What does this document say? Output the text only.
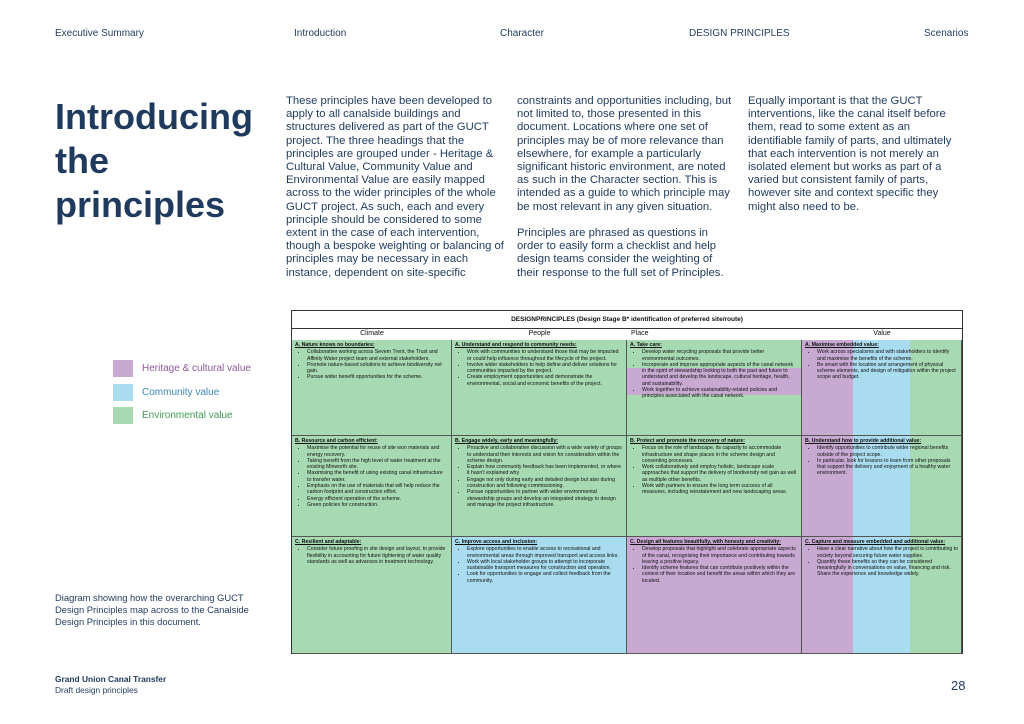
Executive Summary	Introduction	Character	DESIGN PRINCIPLES	Scenarios
Introducing
the
principles
These principles have been developed to apply to all canalside buildings and structures delivered as part of the GUCT project. The three headings that the principles are grouped under - Heritage & Cultural Value, Community Value and Environmental Value are easily mapped across to the wider principles of the whole GUCT project. As such, each and every principle should be considered to some extent in the case of each intervention, though a bespoke weighting or balancing of principles may be necessary in each instance, dependent on site-specific
constraints and opportunities including, but not limited to, those presented in this document. Locations where one set of principles may be of more relevance than elsewhere, for example a particularly significant historic environment, are noted as such in the Character section. This is intended as a guide to which principle may be most relevant in any given situation.

Principles are phrased as questions in order to easily form a checklist and help design teams consider the weighting of their response to the full set of Principles.
Equally important is that the GUCT interventions, like the canal itself before them, read to some extent as an identifiable family of parts, and ultimately that each intervention is not merely an isolated element but works as part of a varied but consistent family of parts, however site and context specific they might also need to be.
Heritage & cultural value
Community value
Environmental value
Diagram showing how the overarching GUCT Design Principles map across to the Canalside Design Principles in this document.
DESIGNPRINCIPLES (Design Stage B* identification of preferred site/route)
Climate	People	Place	Value
A. Nature knows no boundaries:
• Collaborative working across Severn Trent, the Trust and Affinity Water project team and external stakeholders.
• Promote nature-based solutions to achieve biodiversity net gain.
• Pursue wider benefit opportunities for the scheme.
A. Understand and respond to community needs:
• Work with communities to understand those that may be impacted or could help influence throughout the lifecycle of the project.
• Involve wider stakeholders to help define and deliver solutions for communities impacted by the project.
• Create employment opportunities and demonstrate the environmental, social and economic benefits of the project.
A. Take care:
• Develop water recycling proposals that provide better environmental outcomes.
• Incorporate and improve appropriate aspects of the canal network in the spirit of stewardship looking to both the past and future to understand and develop the landscape, cultural heritage, health, and sustainability.
• Work together to achieve sustainability-related policies and principles associated with the canal network.
A. Maximise embedded value:
• Work across specialisms and with stakeholders to identify and maximise the benefits of the scheme.
• Be smart with the location and arrangement of physical scheme elements, and design of mitigation within the project scope and budget.
B. Resource and carbon efficient:
• Maximise the potential for reuse of site won materials and energy recovery.
• Taking benefit from the high level of water treatment at the existing Minworth site.
• Maximising the benefit of using existing canal infrastructure to transfer water.
• Emphasis on the use of materials that will help reduce the carbon footprint and construction effort.
• Energy efficient operation of the scheme.
• Green policies for construction.
B. Engage widely, early and meaningfully:
• Proactive and collaborative discussion with a wide variety of groups to understand their interests and vision for consideration within the scheme design.
• Explain how community feedback has been implemented, or where it hasn't explained why
• Engage not only during early and detailed design but also during construction and following commissioning.
• Pursue opportunities to partner with wider environmental stewardship groups and develop an integrated strategy to design and manage the project infrastructure.
B. Protect and promote the recovery of nature:
• Focus on the role of landscape, its capacity to accommodate infrastructure and shape places in the scheme design and consenting processes.
• Work collaboratively and employ holistic, landscape scale approaches that support the delivery of biodiversity net gain as well as multiple other benefits.
• Work with partners to ensure the long term success of all measures, including reinstatement and new landscaping areas.
B. Understand how to provide additional value:
• Identify opportunities to contribute wider regional benefits outside of the project scope.
• In particular, look for lessons to learn from other proposals that support the delivery and enjoyment of a healthy water environment.
C. Resilient and adaptable:
• Consider future proofing in site design and layout, to provide flexibility in accounting for future tightening of water quality standards as well as advances in treatment technology.
C. Improve access and inclusion:
• Explore opportunities to enable access to recreational and environmental areas through improved transport and access links.
• Work with local stakeholder groups to attempt to incorporate sustainable transport measures for construction and operation.
• Look for opportunities to engage and collect feedback from the community.
C. Design all features beautifully, with honesty and creativity:
• Develop proposals that highlight and celebrate appropriate aspects of the canal, recognising their importance and contributing towards leaving a positive legacy.
• Identify scheme features that can contribute positively within the context of their location and benefit the areas within which they are located.
C. Capture and measure embedded and additional value:
• Have a clear narrative about how the project is contributing to society beyond securing future water supplies.
• Quantify these benefits so they can be considered meaningfully in conversations on value, financing and risk. Share the experience and knowledge widely.
Grand Union Canal Transfer
Draft design principles	28
